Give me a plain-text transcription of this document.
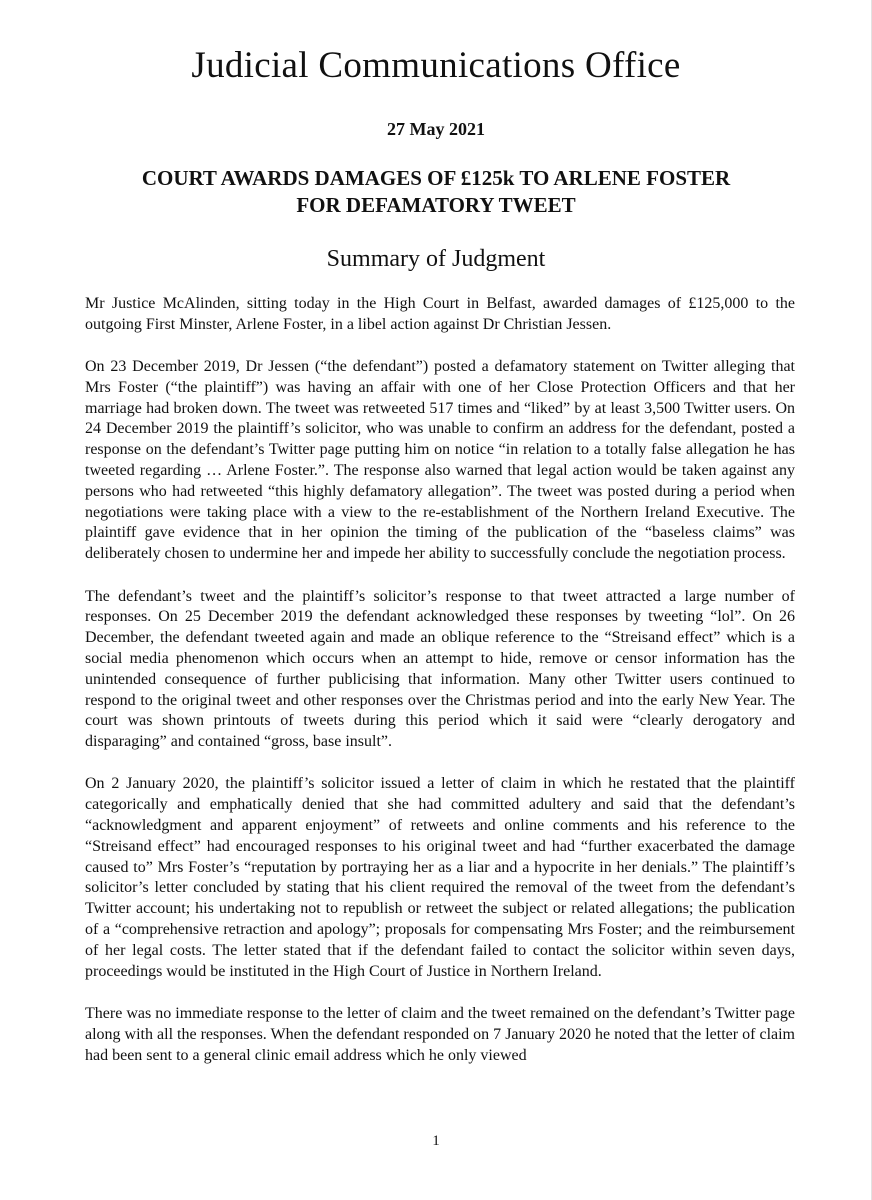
Judicial Communications Office
27 May 2021
COURT AWARDS DAMAGES OF £125k TO ARLENE FOSTER
FOR DEFAMATORY TWEET
Summary of Judgment

Mr Justice McAlinden, sitting today in the High Court in Belfast, awarded damages of £125,000 to the outgoing First Minster, Arlene Foster, in a libel action against Dr Christian Jessen.

On 23 December 2019, Dr Jessen (“the defendant”) posted a defamatory statement on Twitter alleging that Mrs Foster (“the plaintiff”) was having an affair with one of her Close Protection Officers and that her marriage had broken down. The tweet was retweeted 517 times and “liked” by at least 3,500 Twitter users. On 24 December 2019 the plaintiff’s solicitor, who was unable to confirm an address for the defendant, posted a response on the defendant’s Twitter page putting him on notice “in relation to a totally false allegation he has tweeted regarding … Arlene Foster.”. The response also warned that legal action would be taken against any persons who had retweeted “this highly defamatory allegation”. The tweet was posted during a period when negotiations were taking place with a view to the re-establishment of the Northern Ireland Executive. The plaintiff gave evidence that in her opinion the timing of the publication of the “baseless claims” was deliberately chosen to undermine her and impede her ability to successfully conclude the negotiation process.

The defendant’s tweet and the plaintiff’s solicitor’s response to that tweet attracted a large number of responses. On 25 December 2019 the defendant acknowledged these responses by tweeting “lol”. On 26 December, the defendant tweeted again and made an oblique reference to the “Streisand effect” which is a social media phenomenon which occurs when an attempt to hide, remove or censor information has the unintended consequence of further publicising that information. Many other Twitter users continued to respond to the original tweet and other responses over the Christmas period and into the early New Year. The court was shown printouts of tweets during this period which it said were “clearly derogatory and disparaging” and contained “gross, base insult”.

On 2 January 2020, the plaintiff’s solicitor issued a letter of claim in which he restated that the plaintiff categorically and emphatically denied that she had committed adultery and said that the defendant’s “acknowledgment and apparent enjoyment” of retweets and online comments and his reference to the “Streisand effect” had encouraged responses to his original tweet and had “further exacerbated the damage caused to” Mrs Foster’s “reputation by portraying her as a liar and a hypocrite in her denials.” The plaintiff’s solicitor’s letter concluded by stating that his client required the removal of the tweet from the defendant’s Twitter account; his undertaking not to republish or retweet the subject or related allegations; the publication of a “comprehensive retraction and apology”; proposals for compensating Mrs Foster; and the reimbursement of her legal costs. The letter stated that if the defendant failed to contact the solicitor within seven days, proceedings would be instituted in the High Court of Justice in Northern Ireland.

There was no immediate response to the letter of claim and the tweet remained on the defendant’s Twitter page along with all the responses. When the defendant responded on 7 January 2020 he noted that the letter of claim had been sent to a general clinic email address which he only viewed

1
